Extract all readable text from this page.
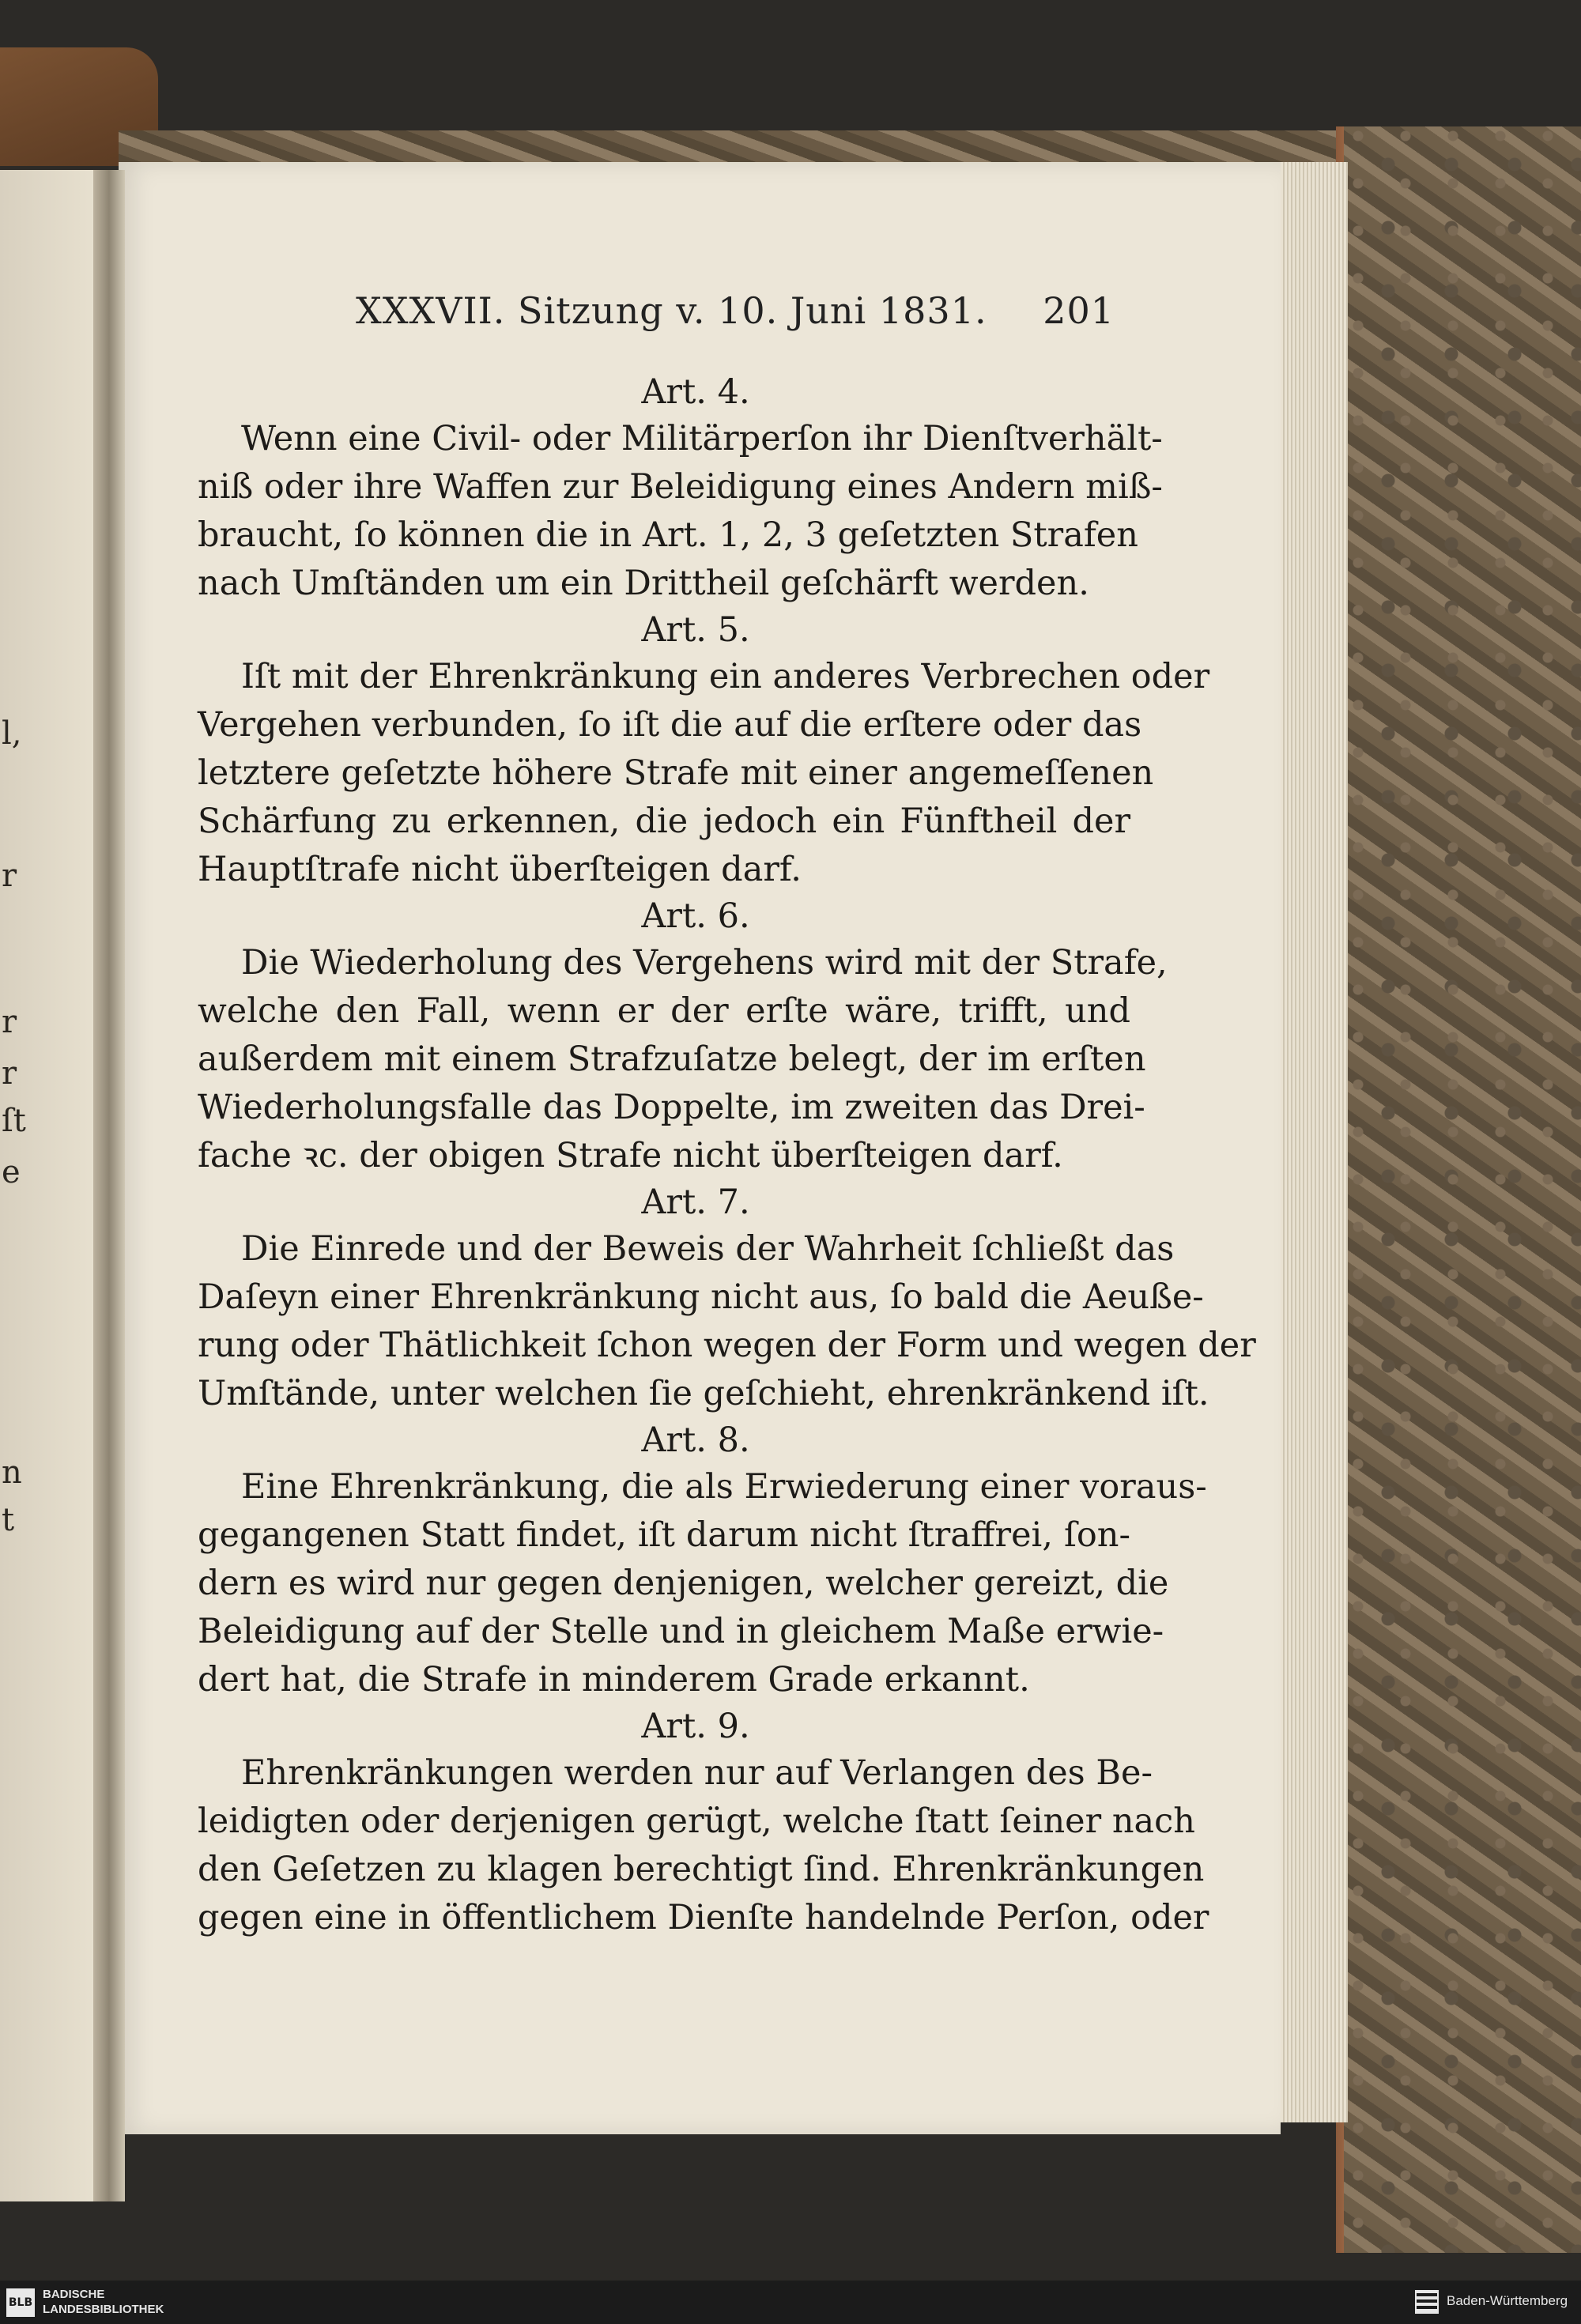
l,
r
r
r
ſt
e
n
t
XXXVII. Sitzung v. 10. Juni 1831. 201
Art. 4.
Wenn eine Civil- oder Militärperſon ihr Dienſtverhält-
niß oder ihre Waffen zur Beleidigung eines Andern miß-
braucht, ſo können die in Art. 1, 2, 3 geſetzten Strafen
nach Umſtänden um ein Drittheil geſchärft werden.
Art. 5.
Iſt mit der Ehrenkränkung ein anderes Verbrechen oder
Vergehen verbunden, ſo iſt die auf die erſtere oder das
letztere geſetzte höhere Strafe mit einer angemeſſenen
Schärfung zu erkennen, die jedoch ein Fünftheil der
Hauptſtrafe nicht überſteigen darf.
Art. 6.
Die Wiederholung des Vergehens wird mit der Strafe,
welche den Fall, wenn er der erſte wäre, trifft, und
außerdem mit einem Strafzuſatze belegt, der im erſten
Wiederholungsfalle das Doppelte, im zweiten das Drei-
fache ꝛc. der obigen Strafe nicht überſteigen darf.
Art. 7.
Die Einrede und der Beweis der Wahrheit ſchließt das
Daſeyn einer Ehrenkränkung nicht aus, ſo bald die Aeuße-
rung oder Thätlichkeit ſchon wegen der Form und wegen der
Umſtände, unter welchen ſie geſchieht, ehrenkränkend iſt.
Art. 8.
Eine Ehrenkränkung, die als Erwiederung einer voraus-
gegangenen Statt findet, iſt darum nicht ſtraffrei, ſon-
dern es wird nur gegen denjenigen, welcher gereizt, die
Beleidigung auf der Stelle und in gleichem Maße erwie-
dert hat, die Strafe in minderem Grade erkannt.
Art. 9.
Ehrenkränkungen werden nur auf Verlangen des Be-
leidigten oder derjenigen gerügt, welche ſtatt ſeiner nach
den Geſetzen zu klagen berechtigt ſind. Ehrenkränkungen
gegen eine in öffentlichem Dienſte handelnde Perſon, oder
BLB
BADISCHE
LANDESBIBLIOTHEK
Baden-Württemberg
